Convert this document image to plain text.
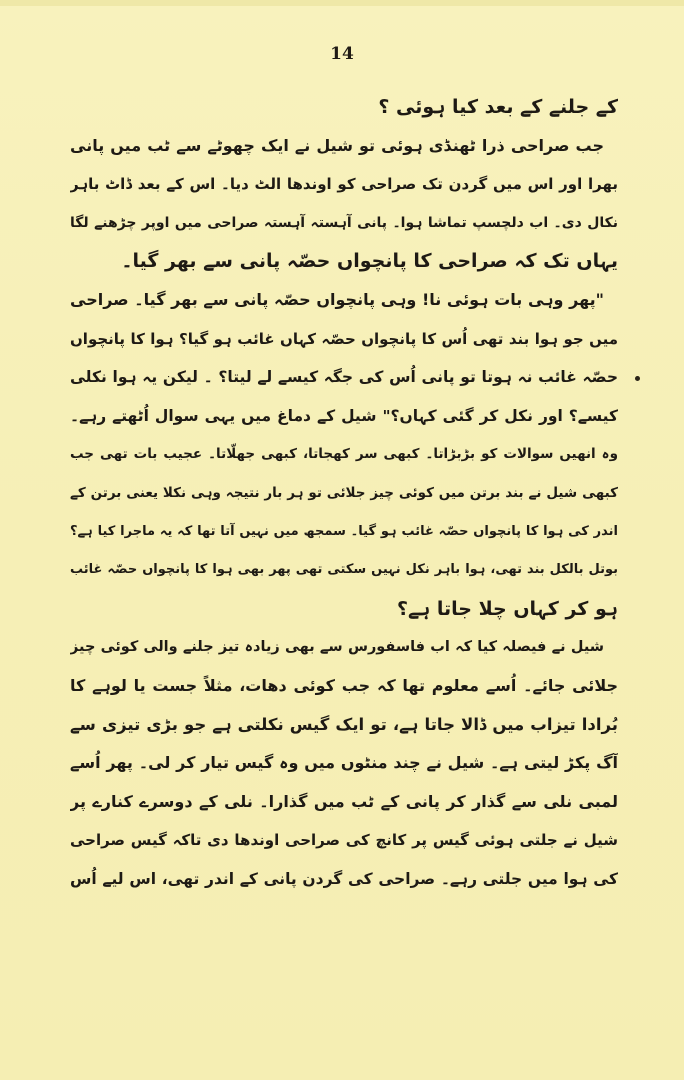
14
کے جلنے کے بعد کیا ہوئی ؟
جب صراحی ذرا ٹھنڈی ہوئی تو شیل نے ایک چھوٹے سے ٹب میں پانی
بھرا اور اس میں گردن تک صراحی کو اوندھا الٹ دیا۔ اس کے بعد ڈاٹ باہر
نکال دی۔ اب دلچسپ تماشا ہوا۔ پانی آہستہ آہستہ صراحی میں اوپر چڑھنے لگا
یہاں تک کہ صراحی کا پانچواں حصّہ پانی سے بھر گیا۔
"پھر وہی بات ہوئی نا! وہی پانچواں حصّہ پانی سے بھر گیا۔ صراحی
میں جو ہوا بند تھی اُس کا پانچواں حصّہ کہاں غائب ہو گیا؟ ہوا کا پانچواں
حصّہ غائب نہ ہوتا تو پانی اُس کی جگہ کیسے لے لیتا؟ ۔ لیکن یہ ہوا نکلی
کیسے؟ اور نکل کر گئی کہاں؟" شیل کے دماغ میں یہی سوال اُٹھتے رہے۔
وہ انھیں سوالات کو بڑبڑاتا۔ کبھی سر کھجاتا، کبھی جھلّاتا۔ عجیب بات تھی جب
کبھی شیل نے بند برتن میں کوئی چیز جلائی تو ہر بار نتیجہ وہی نکلا یعنی برتن کے
اندر کی ہوا کا پانچواں حصّہ غائب ہو گیا۔ سمجھ میں نہیں آتا تھا کہ یہ ماجرا کیا ہے؟
بوتل بالکل بند تھی، ہوا باہر نکل نہیں سکتی تھی پھر بھی ہوا کا پانچواں حصّہ غائب
ہو کر کہاں چلا جاتا ہے؟
شیل نے فیصلہ کیا کہ اب فاسفورس سے بھی زیادہ تیز جلنے والی کوئی چیز
جلائی جائے۔ اُسے معلوم تھا کہ جب کوئی دھات، مثلاً جست یا لوہے کا
بُرادا تیزاب میں ڈالا جاتا ہے، تو ایک گیس نکلتی ہے جو بڑی تیزی سے
آگ پکڑ لیتی ہے۔ شیل نے چند منٹوں میں وہ گیس تیار کر لی۔ پھر اُسے
لمبی نلی سے گذار کر پانی کے ٹب میں گذارا۔ نلی کے دوسرے کنارے پر
شیل نے جلتی ہوئی گیس پر کانچ کی صراحی اوندھا دی تاکہ گیس صراحی
کی ہوا میں جلتی رہے۔ صراحی کی گردن پانی کے اندر تھی، اس لیے اُس
